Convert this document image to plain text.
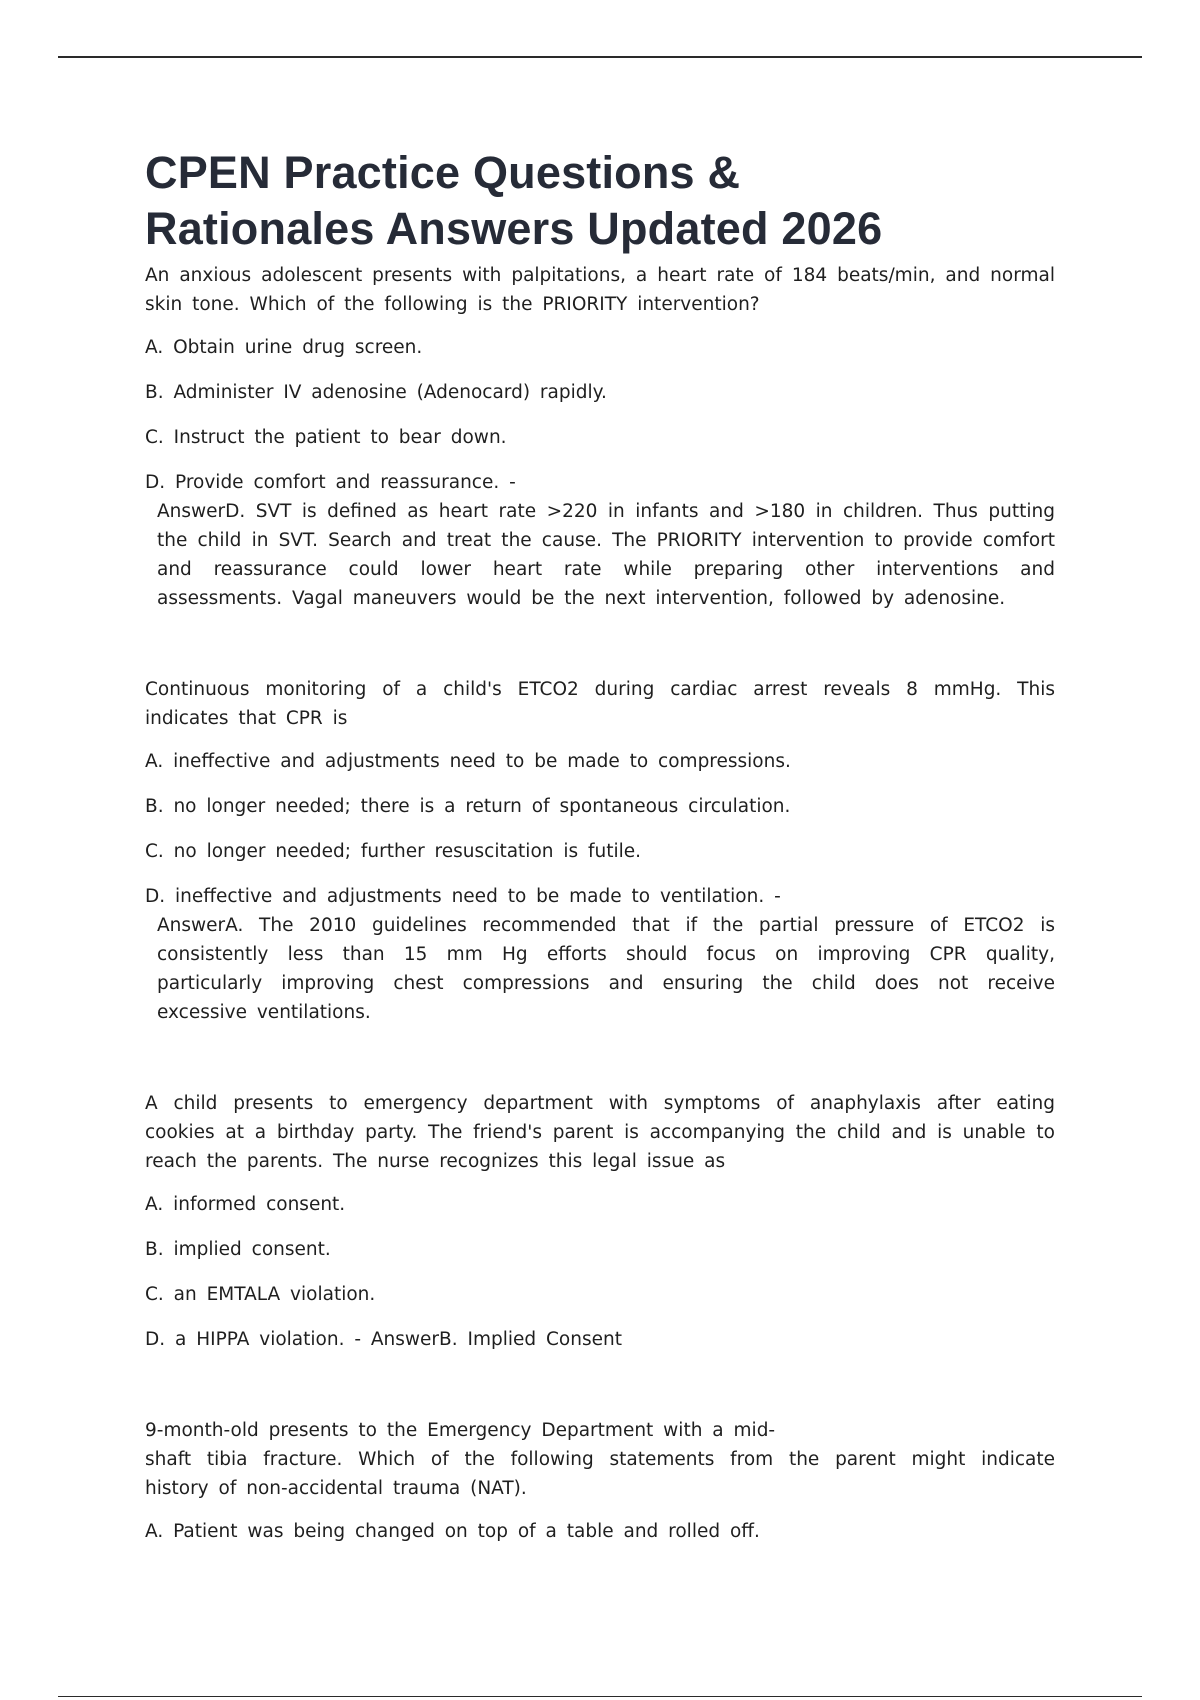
CPEN Practice Questions &
Rationales Answers Updated 2026

An anxious adolescent presents with palpitations, a heart rate of 184 beats/min, and normal skin tone. Which of the following is the PRIORITY intervention?

A. Obtain urine drug screen.

B. Administer IV adenosine (Adenocard) rapidly.

C. Instruct the patient to bear down.

D. Provide comfort and reassurance. -

AnswerD. SVT is defined as heart rate >220 in infants and >180 in children. Thus putting the child in SVT. Search and treat the cause. The PRIORITY intervention to provide comfort and reassurance could lower heart rate while preparing other interventions and assessments. Vagal maneuvers would be the next intervention, followed by adenosine.

Continuous monitoring of a child's ETCO2 during cardiac arrest reveals 8 mmHg. This indicates that CPR is

A. ineffective and adjustments need to be made to compressions.

B. no longer needed; there is a return of spontaneous circulation.

C. no longer needed; further resuscitation is futile.

D. ineffective and adjustments need to be made to ventilation. -

AnswerA. The 2010 guidelines recommended that if the partial pressure of ETCO2 is consistently less than 15 mm Hg efforts should focus on improving CPR quality, particularly improving chest compressions and ensuring the child does not receive excessive ventilations.

A child presents to emergency department with symptoms of anaphylaxis after eating cookies at a birthday party. The friend's parent is accompanying the child and is unable to reach the parents. The nurse recognizes this legal issue as

A. informed consent.

B. implied consent.

C. an EMTALA violation.

D. a HIPPA violation. - AnswerB. Implied Consent

9-month-old presents to the Emergency Department with a mid-
shaft tibia fracture. Which of the following statements from the parent might indicate history of non-accidental trauma (NAT).

A. Patient was being changed on top of a table and rolled off.
